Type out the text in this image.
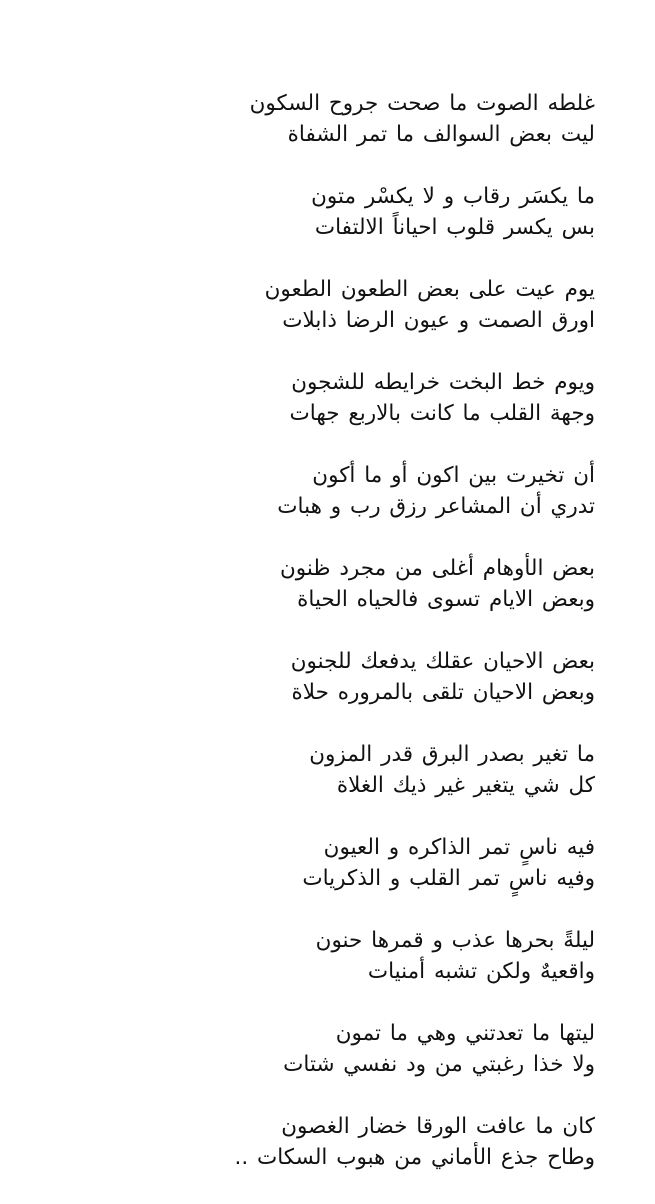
غلطه الصوت ما صحت جروح السكون
ليت بعض السوالف ما تمر الشفاة
ما يكسَر رقاب و لا يكسْر متون
بس يكسر قلوب احياناً الالتفات
يوم عيت على بعض الطعون الطعون
اورق الصمت و عيون الرضا ذابلات
ويوم خط البخت خرايطه للشجون
وجهة القلب ما كانت بالاربع جهات
أن تخيرت بين اكون أو ما أكون
تدري أن المشاعر رزق رب و هبات
بعض الأوهام أغلى من مجرد ظنون
وبعض الايام تسوى فالحياه الحياة
بعض الاحيان عقلك يدفعك للجنون
وبعض الاحيان تلقى بالمروره حلاة
ما تغير بصدر البرق قدر المزون
كل شي يتغير غير ذيك الغلاة
فيه ناسٍ تمر الذاكره و العيون
وفيه ناسٍ تمر القلب و الذكريات
ليلةً بحرها عذب و قمرها حنون
واقعيهٌ ولكن تشبه أمنيات
ليتها ما تعدتني وهي ما تمون
ولا خذا رغبتي من ود نفسي شتات
كان ما عافت الورقا خضار الغصون
وطاح جذع الأماني من هبوب السكات ..
